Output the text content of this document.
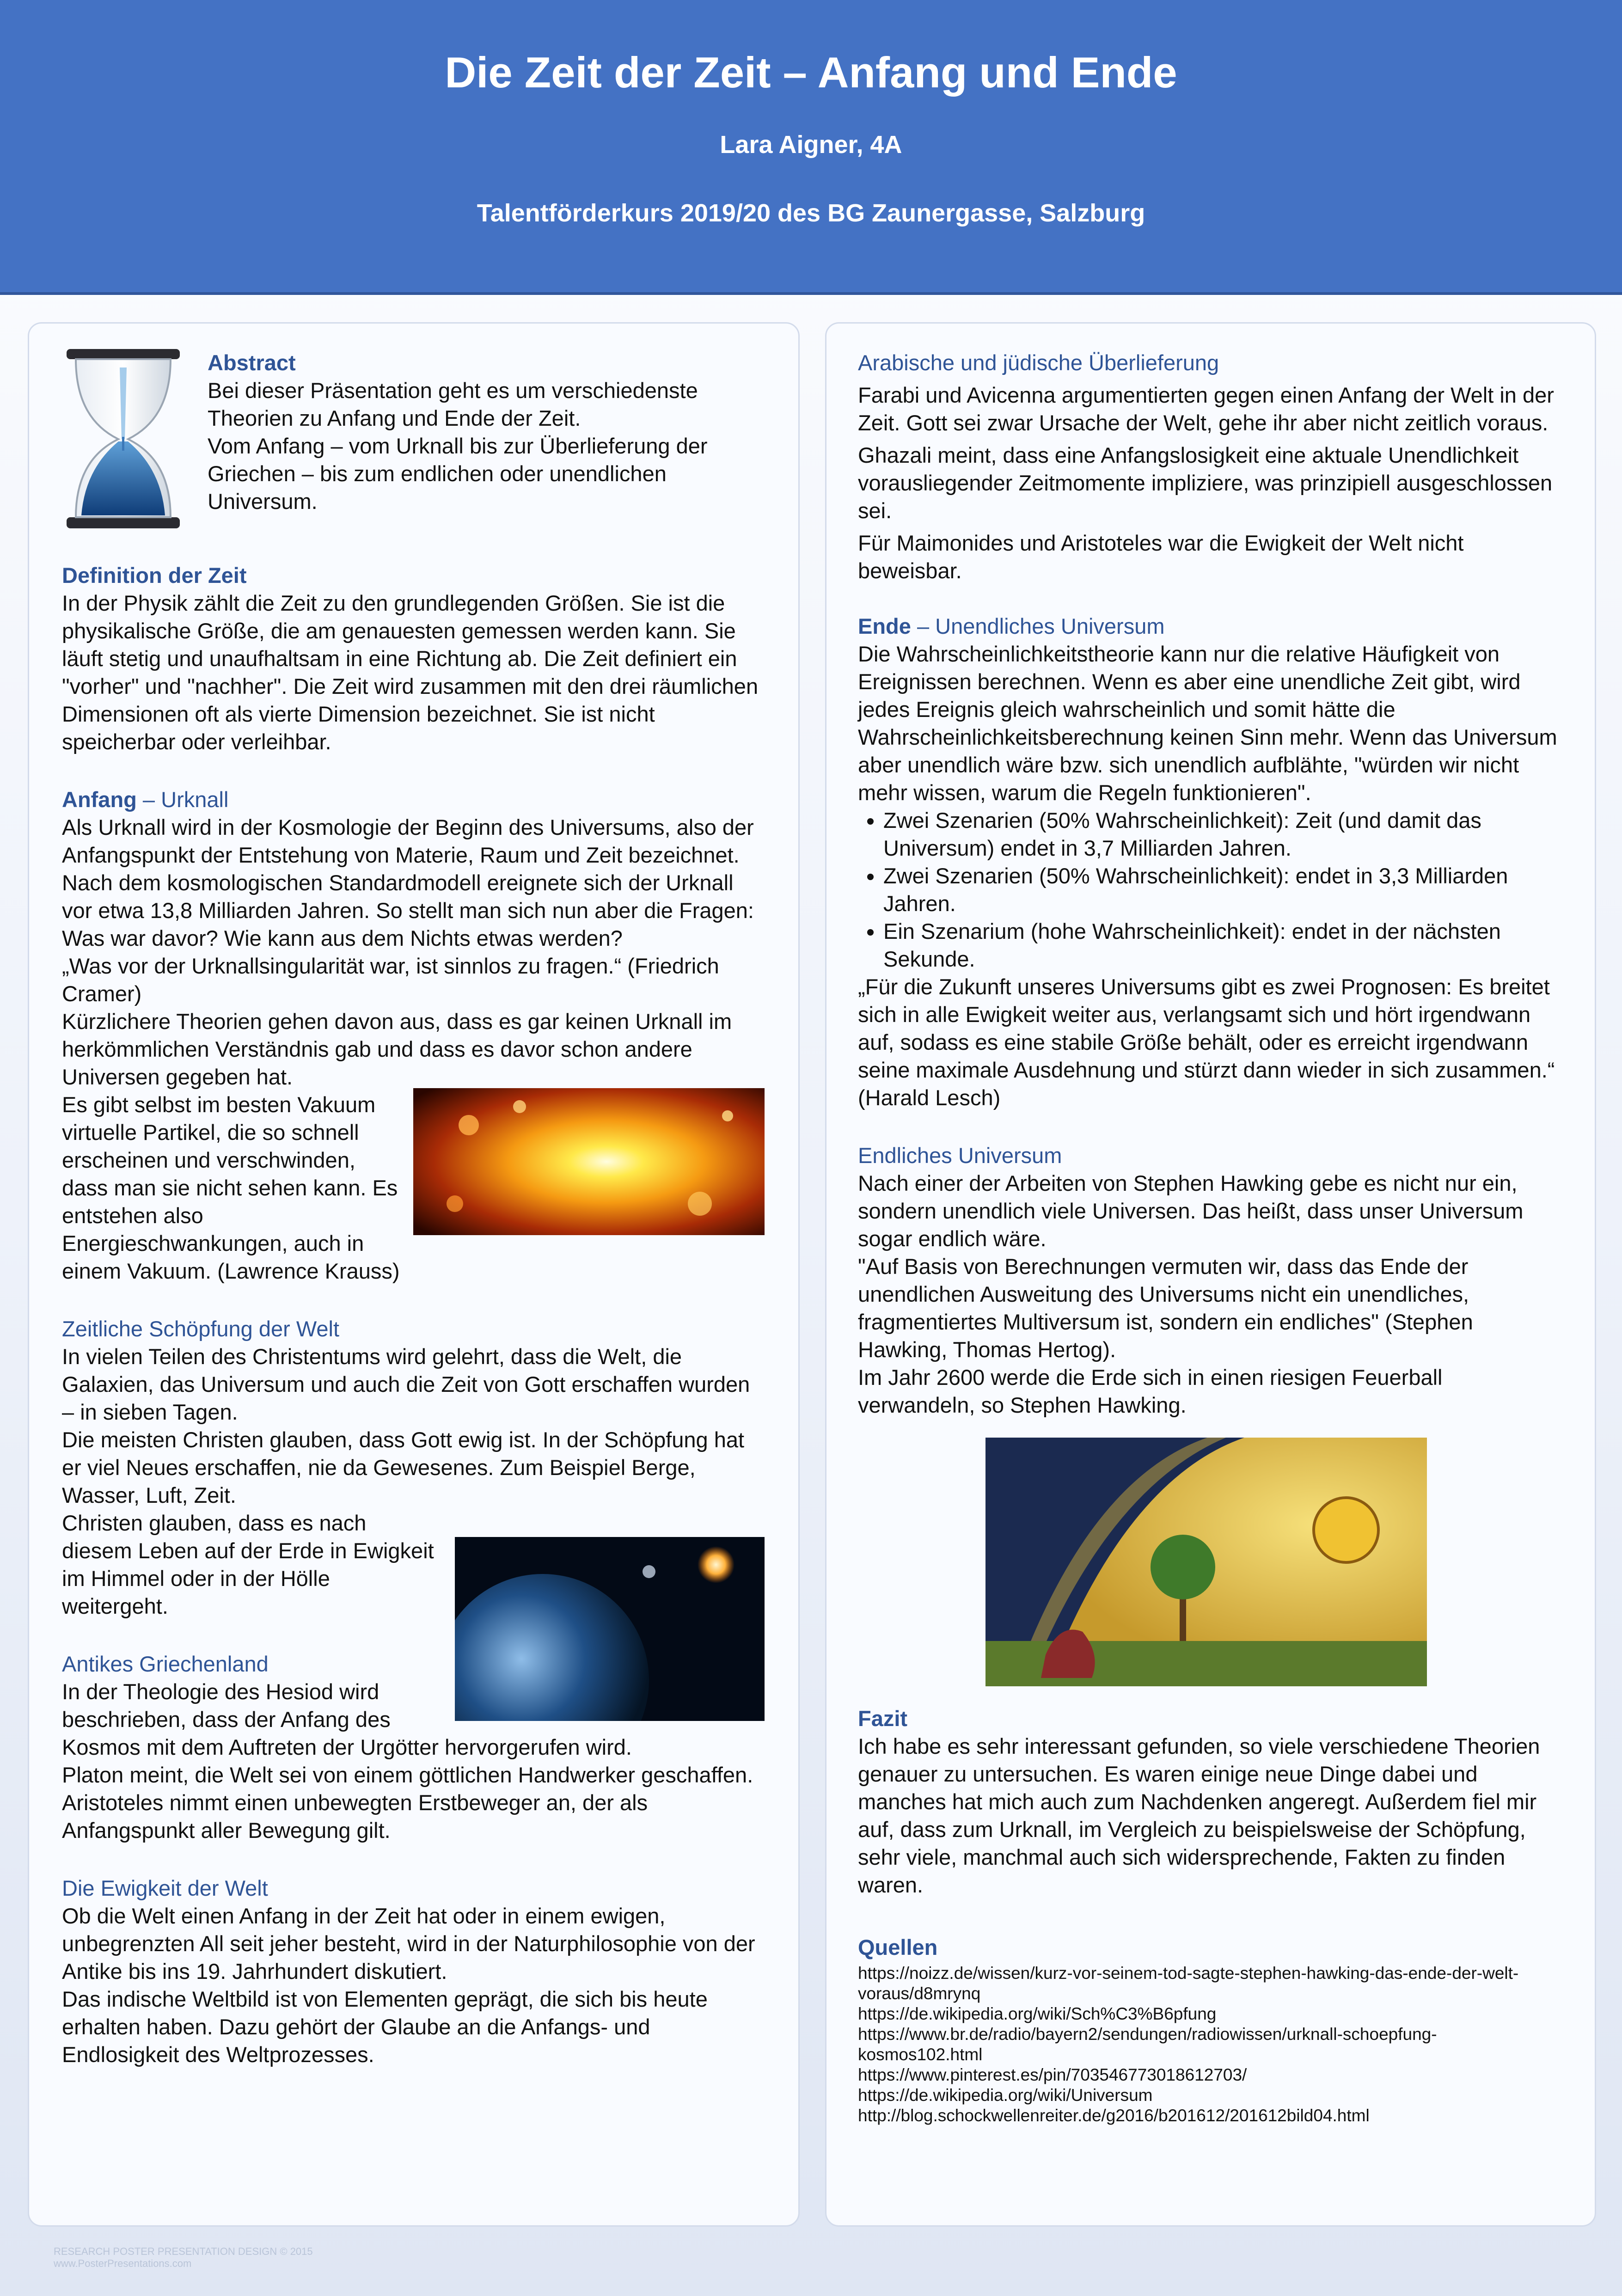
Die Zeit der Zeit – Anfang und Ende
Lara Aigner, 4A
Talentförderkurs 2019/20 des BG Zaunergasse, Salzburg
Abstract

Bei dieser Präsentation geht es um verschiedenste Theorien zu Anfang und Ende der Zeit.

Vom Anfang – vom Urknall bis zur Überlieferung der Griechen – bis zum endlichen oder unendlichen Universum.

Definition der Zeit

In der Physik zählt die Zeit zu den grundlegenden Größen. Sie ist die physikalische Größe, die am genauesten gemessen werden kann. Sie läuft stetig und unaufhaltsam in eine Richtung ab. Die Zeit definiert ein "vorher" und "nachher". Die Zeit wird zusammen mit den drei räumlichen Dimensionen oft als vierte Dimension bezeichnet. Sie ist nicht speicherbar oder verleihbar.

Anfang – Urknall

Als Urknall wird in der Kosmologie der Beginn des Universums, also der Anfangspunkt der Entstehung von Materie, Raum und Zeit bezeichnet. Nach dem kosmologischen Standardmodell ereignete sich der Urknall vor etwa 13,8 Milliarden Jahren. So stellt man sich nun aber die Fragen: Was war davor? Wie kann aus dem Nichts etwas werden?

„Was vor der Urknallsingularität war, ist sinnlos zu fragen.“ (Friedrich Cramer)

Kürzlichere Theorien gehen davon aus, dass es gar keinen Urknall im herkömmlichen Verständnis gab und dass es davor schon andere Universen gegeben hat.

Es gibt selbst im besten Vakuum virtuelle Partikel, die so schnell erscheinen und verschwinden, dass man sie nicht sehen kann. Es entstehen also Energieschwankungen, auch in einem Vakuum. (Lawrence Krauss)

Zeitliche Schöpfung der Welt

In vielen Teilen des Christentums wird gelehrt, dass die Welt, die Galaxien, das Universum und auch die Zeit von Gott erschaffen wurden – in sieben Tagen.

Die meisten Christen glauben, dass Gott ewig ist. In der Schöpfung hat er viel Neues erschaffen, nie da Gewesenes. Zum Beispiel Berge, Wasser, Luft, Zeit.

Christen glauben, dass es nach diesem Leben auf der Erde in Ewigkeit im Himmel oder in der Hölle weitergeht.

Antikes Griechenland

In der Theologie des Hesiod wird beschrieben, dass der Anfang des Kosmos mit dem Auftreten der Urgötter hervorgerufen wird.

Platon meint, die Welt sei von einem göttlichen Handwerker geschaffen.

Aristoteles nimmt einen unbewegten Erstbeweger an, der als Anfangspunkt aller Bewegung gilt.

Die Ewigkeit der Welt

Ob die Welt einen Anfang in der Zeit hat oder in einem ewigen, unbegrenzten All seit jeher besteht, wird in der Naturphilosophie von der Antike bis ins 19. Jahrhundert diskutiert.

Das indische Weltbild ist von Elementen geprägt, die sich bis heute erhalten haben. Dazu gehört der Glaube an die Anfangs- und Endlosigkeit des Weltprozesses.

Arabische und jüdische Überlieferung

Farabi und Avicenna argumentierten gegen einen Anfang der Welt in der Zeit. Gott sei zwar Ursache der Welt, gehe ihr aber nicht zeitlich voraus.

Ghazali meint, dass eine Anfangslosigkeit eine aktuale Unendlichkeit vorausliegender Zeitmomente impliziere, was prinzipiell ausgeschlossen sei.

Für Maimonides und Aristoteles war die Ewigkeit der Welt nicht beweisbar.

Ende – Unendliches Universum

Die Wahrscheinlichkeitstheorie kann nur die relative Häufigkeit von Ereignissen berechnen. Wenn es aber eine unendliche Zeit gibt, wird jedes Ereignis gleich wahrscheinlich und somit hätte die Wahrscheinlichkeitsberechnung keinen Sinn mehr. Wenn das Universum aber unendlich wäre bzw. sich unendlich aufblähte, "würden wir nicht mehr wissen, warum die Regeln funktionieren".

• Zwei Szenarien (50% Wahrscheinlichkeit): Zeit (und damit das Universum) endet in 3,7 Milliarden Jahren.
• Zwei Szenarien (50% Wahrscheinlichkeit): endet in 3,3 Milliarden Jahren.
• Ein Szenarium (hohe Wahrscheinlichkeit): endet in der nächsten Sekunde.

„Für die Zukunft unseres Universums gibt es zwei Prognosen: Es breitet sich in alle Ewigkeit weiter aus, verlangsamt sich und hört irgendwann auf, sodass es eine stabile Größe behält, oder es erreicht irgendwann seine maximale Ausdehnung und stürzt dann wieder in sich zusammen.“ (Harald Lesch)

Endliches Universum

Nach einer der Arbeiten von Stephen Hawking gebe es nicht nur ein, sondern unendlich viele Universen. Das heißt, dass unser Universum sogar endlich wäre.

"Auf Basis von Berechnungen vermuten wir, dass das Ende der unendlichen Ausweitung des Universums nicht ein unendliches, fragmentiertes Multiversum ist, sondern ein endliches" (Stephen Hawking, Thomas Hertog).

Im Jahr 2600 werde die Erde sich in einen riesigen Feuerball verwandeln, so Stephen Hawking.

Fazit

Ich habe es sehr interessant gefunden, so viele verschiedene Theorien genauer zu untersuchen. Es waren einige neue Dinge dabei und manches hat mich auch zum Nachdenken angeregt. Außerdem fiel mir auf, dass zum Urknall, im Vergleich zu beispielsweise der Schöpfung, sehr viele, manchmal auch sich widersprechende, Fakten zu finden waren.

Quellen

https://noizz.de/wissen/kurz-vor-seinem-tod-sagte-stephen-hawking-das-ende-der-welt-voraus/d8mrynq

https://de.wikipedia.org/wiki/Sch%C3%B6pfung

https://www.br.de/radio/bayern2/sendungen/radiowissen/urknall-schoepfung-kosmos102.html

https://www.pinterest.es/pin/703546773018612703/

https://de.wikipedia.org/wiki/Universum

http://blog.schockwellenreiter.de/g2016/b201612/201612bild04.html

RESEARCH POSTER PRESENTATION DESIGN © 2015
www.PosterPresentations.com
